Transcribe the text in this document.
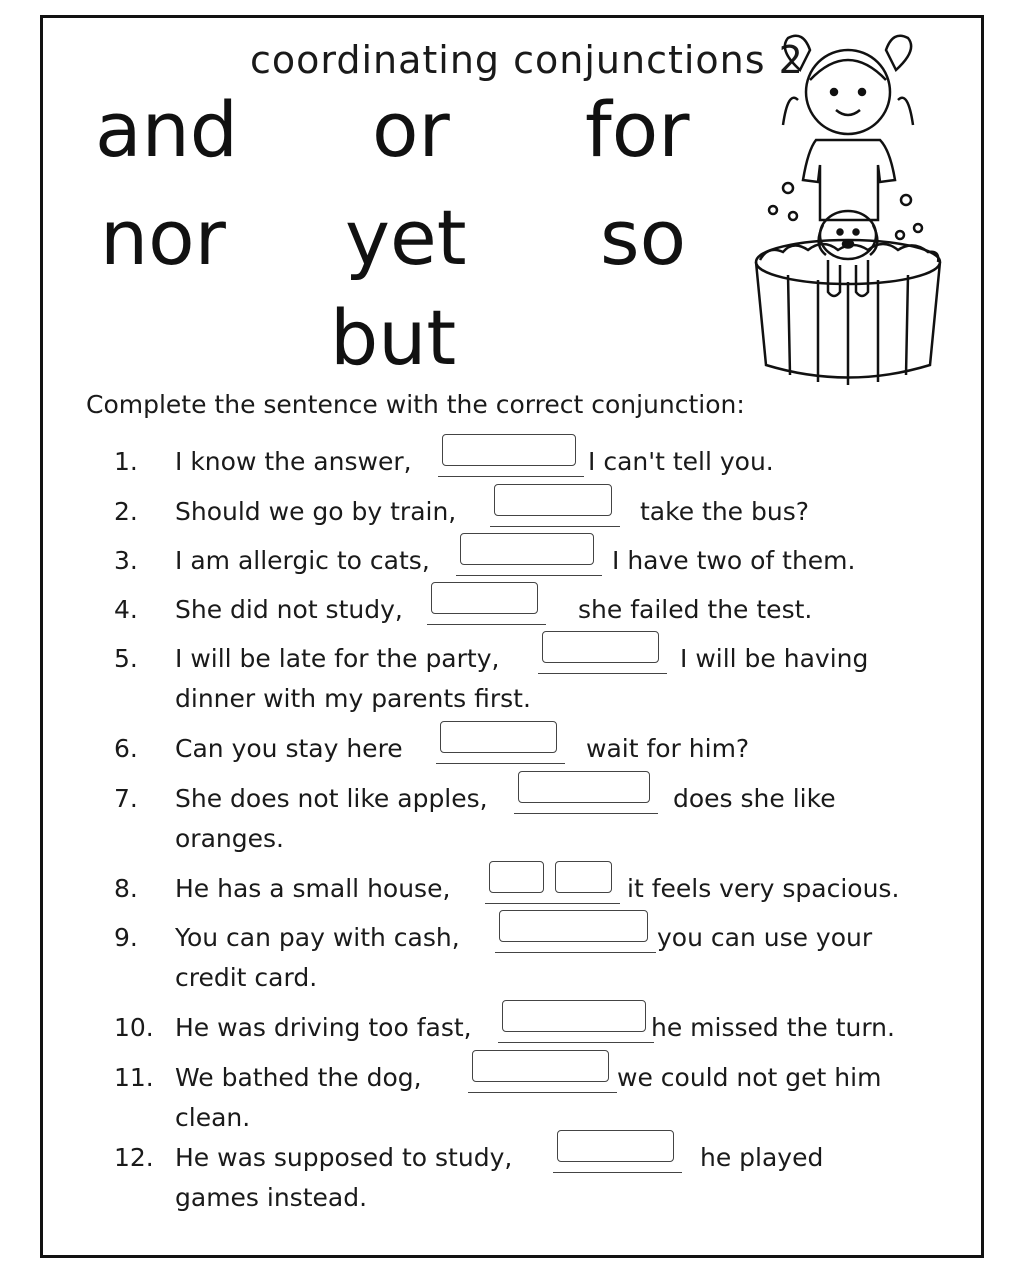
coordinating conjunctions 2
and or for
nor yet so
but
Complete the sentence with the correct conjunction:
1.	I know the answer,	I can't tell you.
2.	Should we go by train,	take the bus?
3.	I am allergic to cats,	I have two of them.
4.	She did not study,	she failed the test.
5.	I will be late for the party,	I will be having
dinner with my parents first.
6.	Can you stay here	wait for him?
7.	She does not like apples,	does she like
oranges.
8.	He has a small house,	it feels very spacious.
9.	You can pay with cash,	you can use your
credit card.
10. He was driving too fast,	he missed the turn.
11. We bathed the dog,	we could not get him
clean.
12. He was supposed to study,	he played
games instead.
